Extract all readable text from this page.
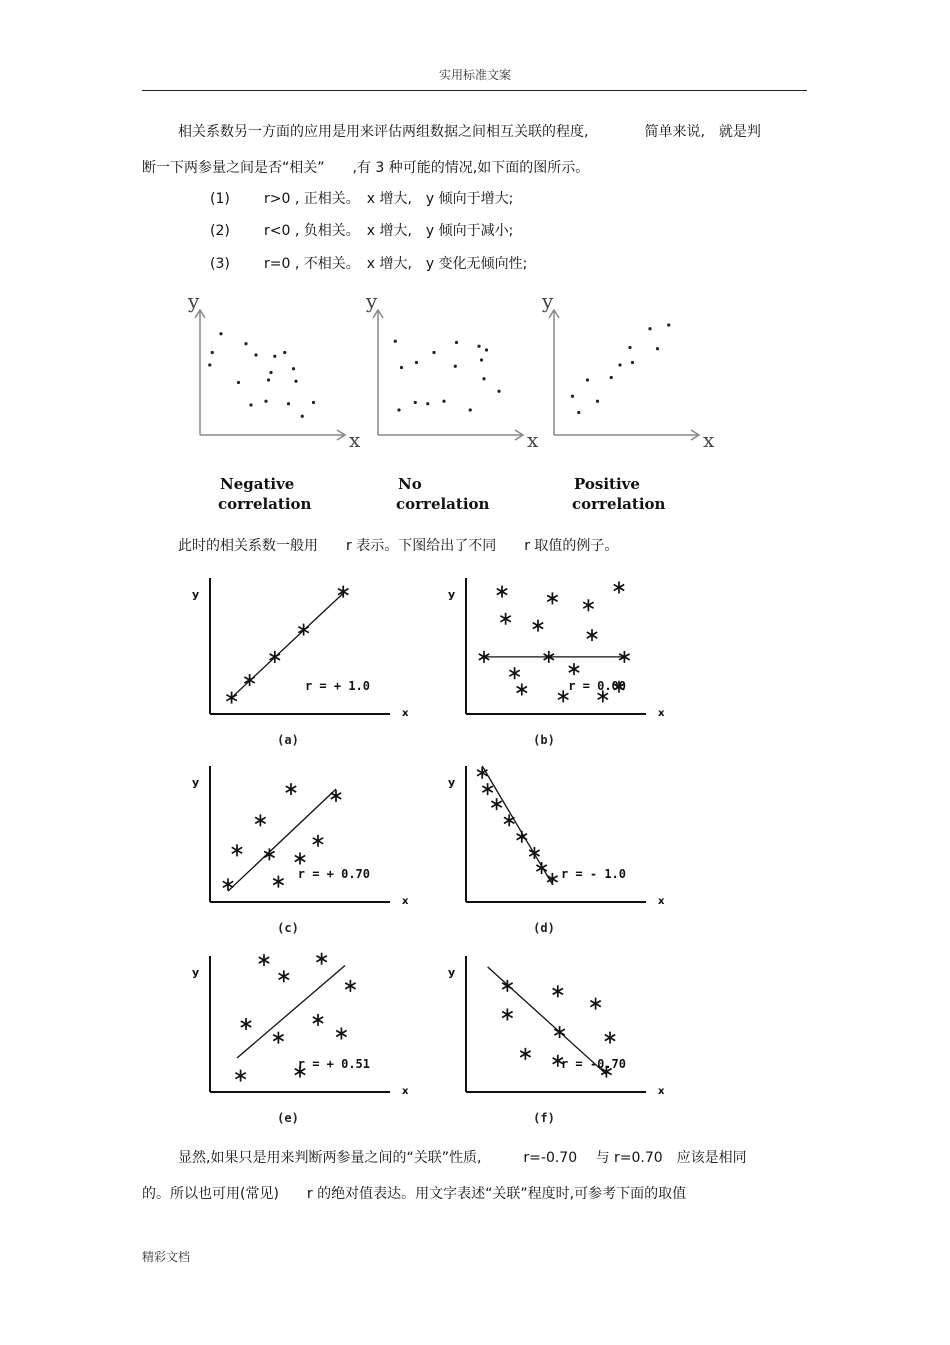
实用标准文案
相关系数另一方面的应用是用来评估两组数据之间相互关联的程度,　　　　简单来说,　就是判
断一下两参量之间是否“相关”　　,有 3 种可能的情况,如下面的图所示。
(1) r>0 , 正相关。　x 增大,　y 倾向于增大;
(2) r<0 , 负相关。　x 增大,　y 倾向于减小;
(3) r=0 , 不相关。　x 增大,　y 变化无倾向性;
y
x
Negative
correlation
y
x
No
correlation
y
x
Positive
correlation
此时的相关系数一般用　　r 表示。下图给出了不同　　r 取值的例子。
y
x
r = + 1.0
(a)
y
x
r = 0.00
(b)
y
x
r = + 0.70
(c)
y
x
r = - 1.0
(d)
y
x
r = + 0.51
(e)
y
x
r = -0.70
(f)
显然,如果只是用来判断两参量之间的“关联”性质,　　　r=-0.70　 与 r=0.70　应该是相同
的。所以也可用(常见)　　r 的绝对值表达。用文字表述“关联”程度时,可参考下面的取值
精彩文档
